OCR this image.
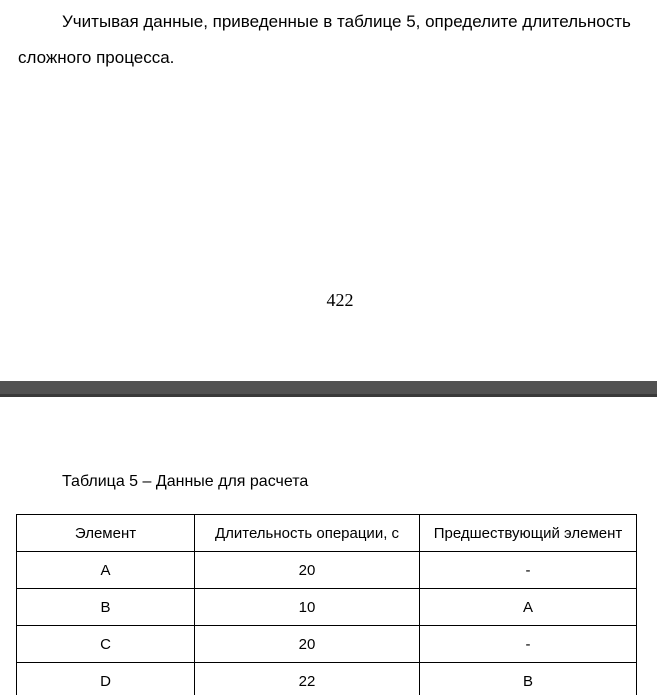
Учитывая данные, приведенные в таблице 5, определите длительность сложного процесса.

422

Таблица 5 – Данные для расчета

Элемент	Длительность операции, с	Предшествующий элемент
A	20	-
B	10	A
C	20	-
D	22	B
